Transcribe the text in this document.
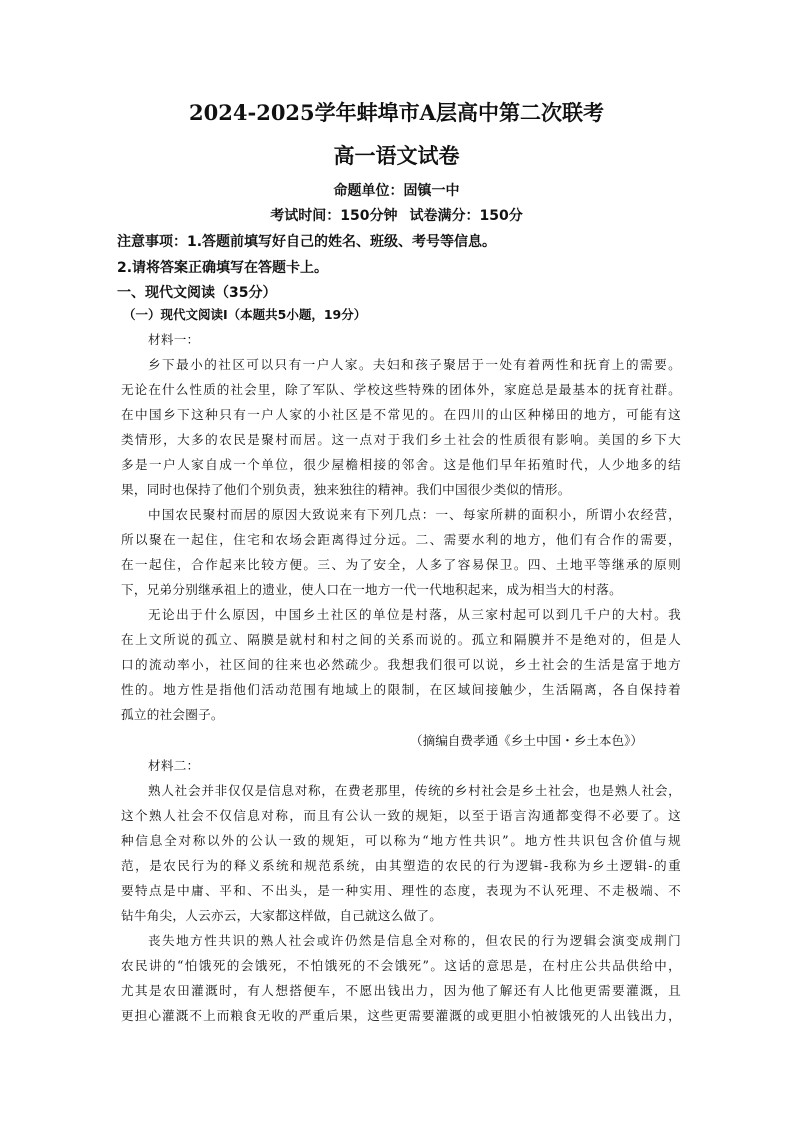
2024-2025学年蚌埠市A层高中第二次联考
高一语文试卷
命题单位：固镇一中
考试时间：150分钟 试卷满分：150分
注意事项：1.答题前填写好自己的姓名、班级、考号等信息。
2.请将答案正确填写在答题卡上。
一、现代文阅读（35分）
（一）现代文阅读Ⅰ（本题共5小题，19分）
材料一：
乡下最小的社区可以只有一户人家。夫妇和孩子聚居于一处有着两性和抚育上的需要。
无论在什么性质的社会里，除了军队、学校这些特殊的团体外，家庭总是最基本的抚育社群。
在中国乡下这种只有一户人家的小社区是不常见的。在四川的山区种梯田的地方，可能有这
类情形，大多的农民是聚村而居。这一点对于我们乡土社会的性质很有影响。美国的乡下大
多是一户人家自成一个单位，很少屋檐相接的邻舍。这是他们早年拓殖时代，人少地多的结
果，同时也保持了他们个别负责，独来独往的精神。我们中国很少类似的情形。
中国农民聚村而居的原因大致说来有下列几点：一、每家所耕的面积小，所谓小农经营，
所以聚在一起住，住宅和农场会距离得过分远。二、需要水利的地方，他们有合作的需要，
在一起住，合作起来比较方便。三、为了安全，人多了容易保卫。四、土地平等继承的原则
下，兄弟分别继承祖上的遗业，使人口在一地方一代一代地积起来，成为相当大的村落。
无论出于什么原因，中国乡土社区的单位是村落，从三家村起可以到几千户的大村。我
在上文所说的孤立、隔膜是就村和村之间的关系而说的。孤立和隔膜并不是绝对的，但是人
口的流动率小，社区间的往来也必然疏少。我想我们很可以说，乡土社会的生活是富于地方
性的。地方性是指他们活动范围有地域上的限制，在区域间接触少，生活隔离，各自保持着
孤立的社会圈子。
（摘编自费孝通《乡土中国・乡土本色》）
材料二：
熟人社会并非仅仅是信息对称，在费老那里，传统的乡村社会是乡土社会，也是熟人社会，
这个熟人社会不仅信息对称，而且有公认一致的规矩，以至于语言沟通都变得不必要了。这
种信息全对称以外的公认一致的规矩，可以称为“地方性共识”。地方性共识包含价值与规
范，是农民行为的释义系统和规范系统，由其塑造的农民的行为逻辑-我称为乡土逻辑-的重
要特点是中庸、平和、不出头，是一种实用、理性的态度，表现为不认死理、不走极端、不
钻牛角尖，人云亦云，大家都这样做，自己就这么做了。
丧失地方性共识的熟人社会或许仍然是信息全对称的，但农民的行为逻辑会演变成荆门
农民讲的“怕饿死的会饿死，不怕饿死的不会饿死”。这话的意思是，在村庄公共品供给中，
尤其是农田灌溉时，有人想搭便车，不愿出钱出力，因为他了解还有人比他更需要灌溉，且
更担心灌溉不上而粮食无收的严重后果，这些更需要灌溉的或更胆小怕被饿死的人出钱出力，
